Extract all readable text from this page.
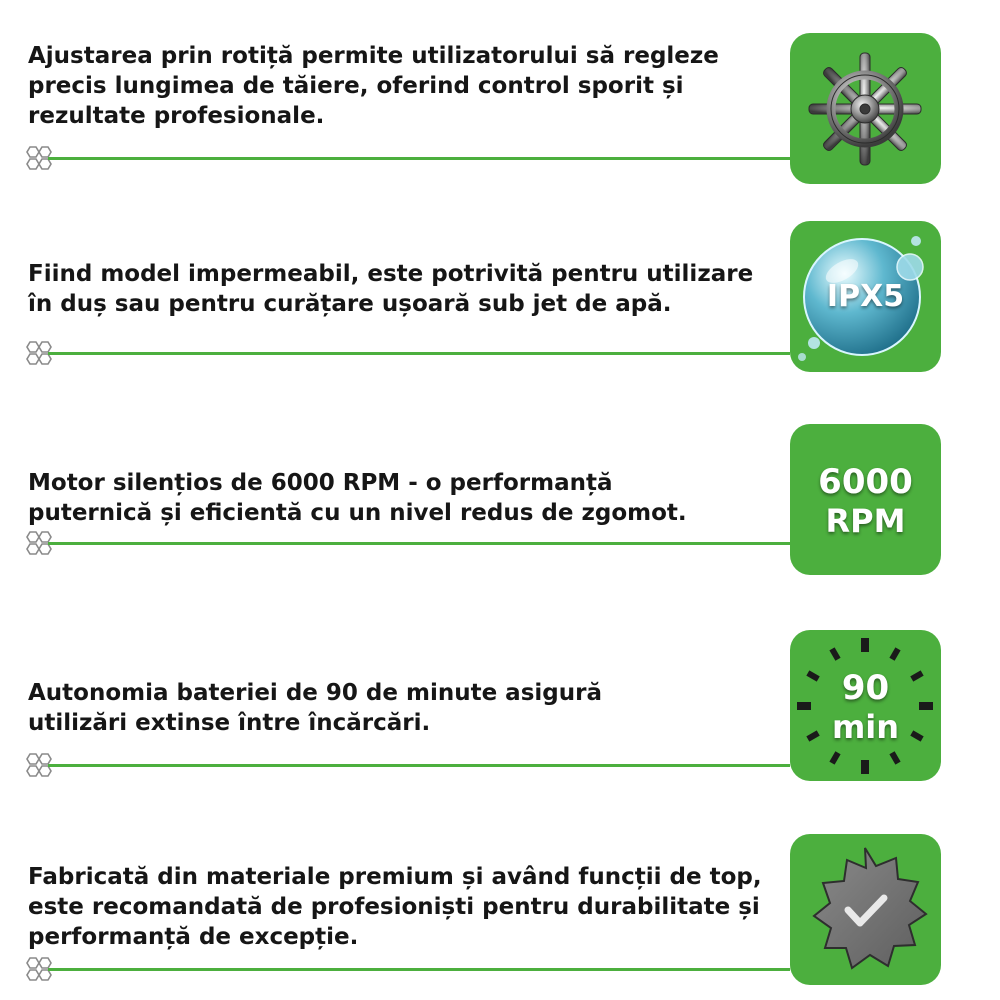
Ajustarea prin rotiță permite utilizatorului să regleze
precis lungimea de tăiere, oferind control sporit și
rezultate profesionale.
Fiind model impermeabil, este potrivită pentru utilizare
în duș sau pentru curățare ușoară sub jet de apă.	IPX5
Motor silențios de 6000 RPM - o performanță
puternică și eficientă cu un nivel redus de zgomot.
6000
RPM
Autonomia bateriei de 90 de minute asigură
utilizări extinse între încărcări.
90
min
Fabricată din materiale premium și având funcții de top,
este recomandată de profesioniști pentru durabilitate și
performanță de excepție.
